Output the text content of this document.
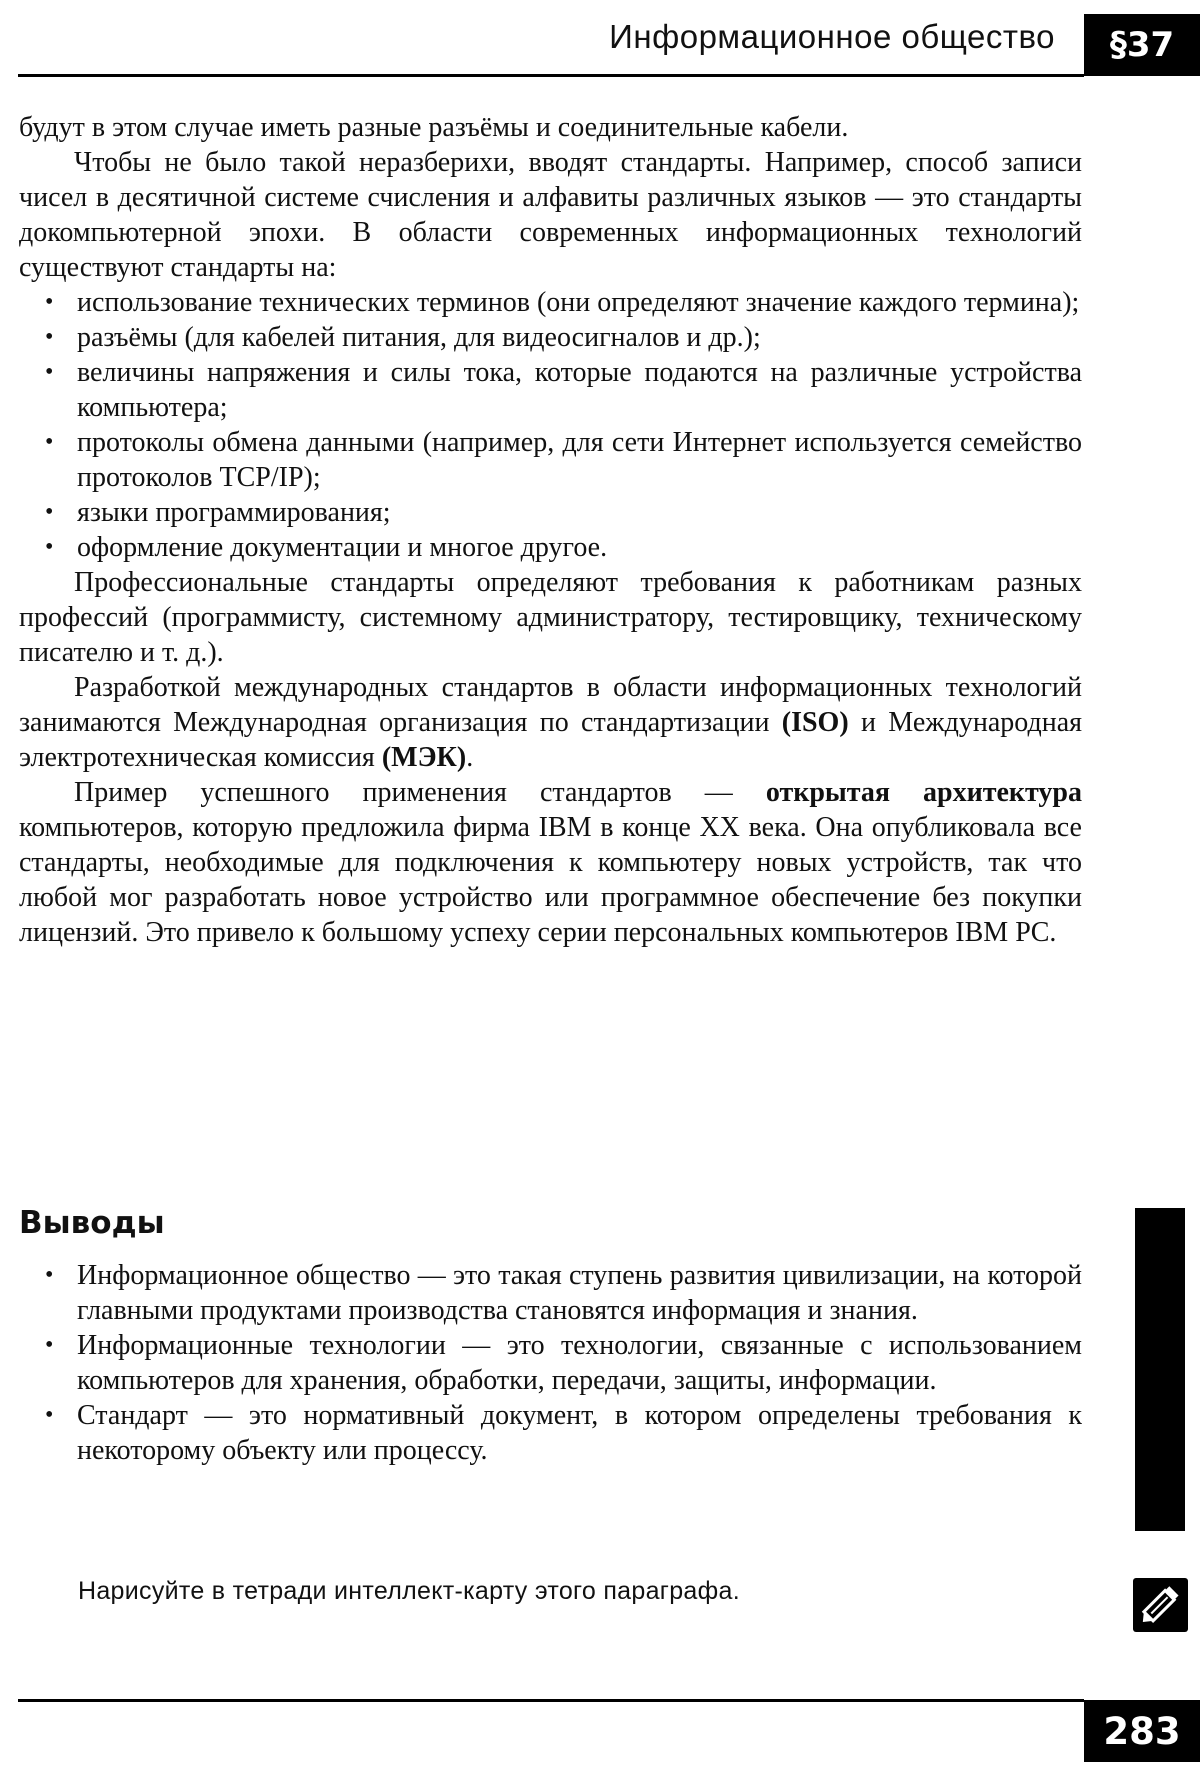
Информационное общество	§37

будут в этом случае иметь разные разъёмы и соединительные кабели.

Чтобы не было такой неразберихи, вводят стандарты. Например, способ записи чисел в десятичной системе счисления и алфавиты различных языков — это стандарты докомпьютерной эпохи. В области современных информационных технологий существуют стандарты на:

• использование технических терминов (они определяют значение каждого термина);
• разъёмы (для кабелей питания, для видеосигналов и др.);
• величины напряжения и силы тока, которые подаются на различные устройства компьютера;
• протоколы обмена данными (например, для сети Интернет используется семейство протоколов TCP/IP);
• языки программирования;
• оформление документации и многое другое.

Профессиональные стандарты определяют требования к работникам разных профессий (программисту, системному администратору, тестировщику, техническому писателю и т. д.).

Разработкой международных стандартов в области информационных технологий занимаются Международная организация по стандартизации (ISO) и Международная электротехническая комиссия (МЭК).

Пример успешного применения стандартов — открытая архитектура компьютеров, которую предложила фирма IBM в конце XX века. Она опубликовала все стандарты, необходимые для подключения к компьютеру новых устройств, так что любой мог разработать новое устройство или программное обеспечение без покупки лицензий. Это привело к большому успеху серии персональных компьютеров IBM PC.

Выводы
• Информационное общество — это такая ступень развития цивилизации, на которой главными продуктами производства становятся информация и знания.
• Информационные технологии — это технологии, связанные с использованием компьютеров для хранения, обработки, передачи, защиты, информации.
• Стандарт — это нормативный документ, в котором определены требования к некоторому объекту или процессу.
Нарисуйте в тетради интеллект-карту этого параграфа.
283
